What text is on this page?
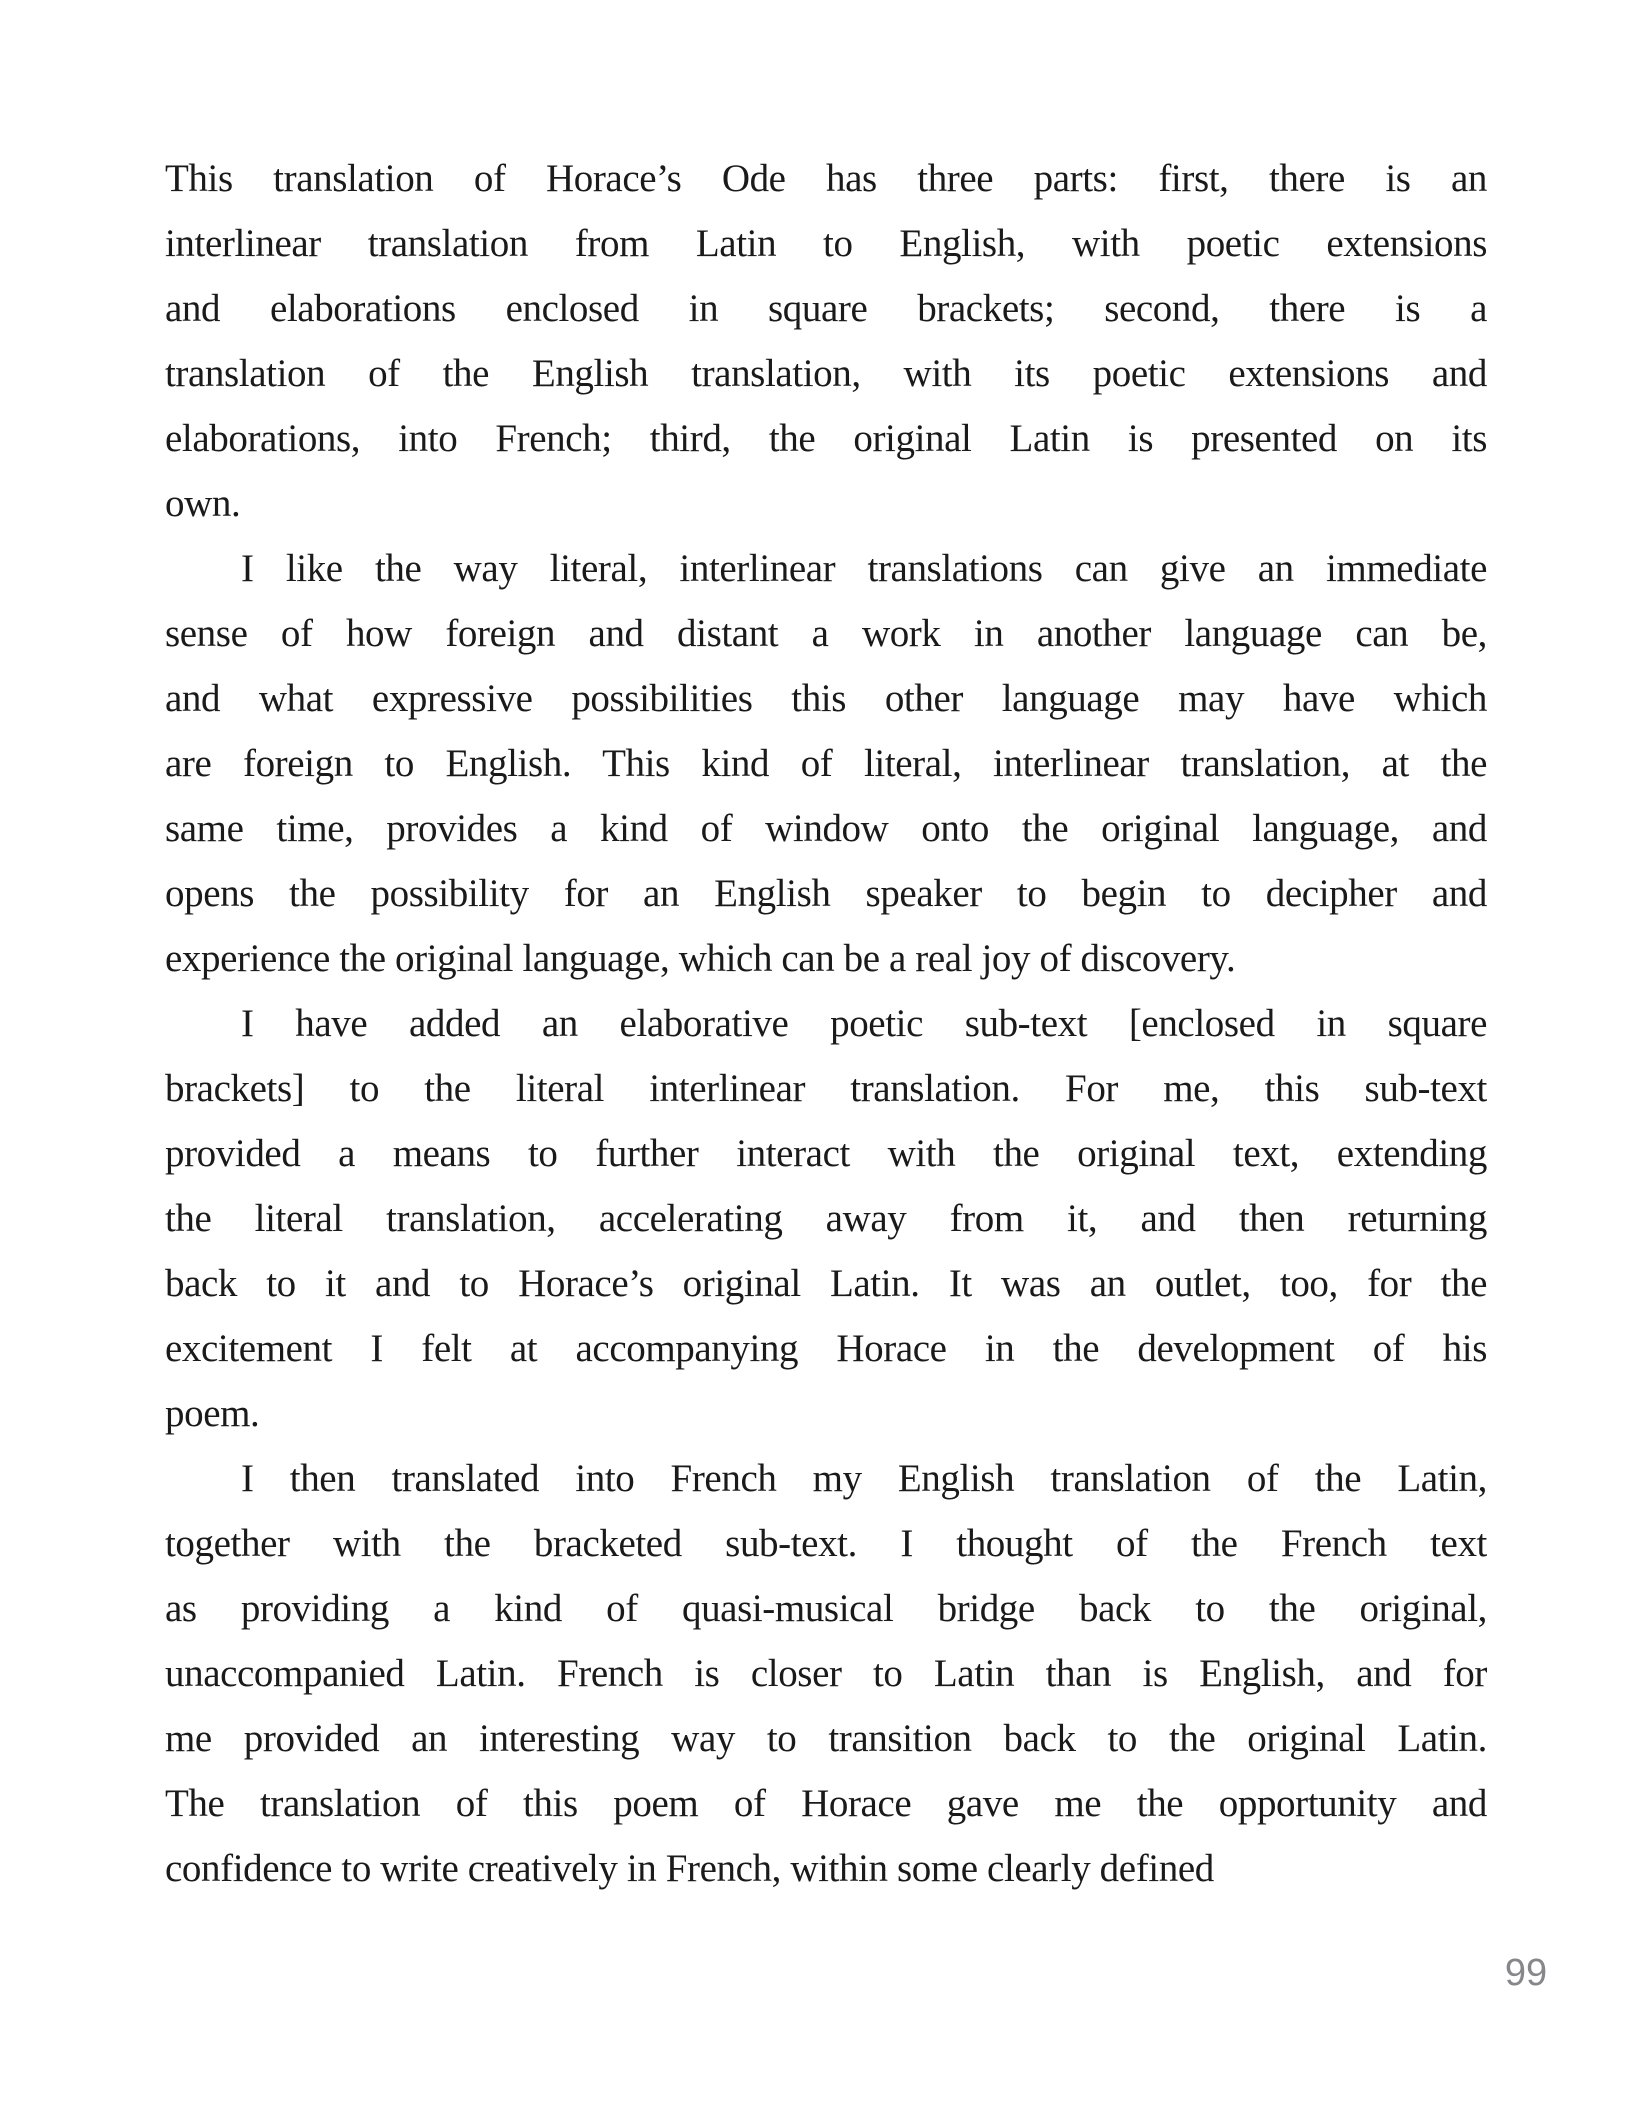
This translation of Horace’s Ode has three parts: first, there is an
interlinear translation from Latin to English, with poetic extensions
and elaborations enclosed in square brackets; second, there is a
translation of the English translation, with its poetic extensions and
elaborations, into French; third, the original Latin is presented on its
own.
I like the way literal, interlinear translations can give an immediate
sense of how foreign and distant a work in another language can be,
and what expressive possibilities this other language may have which
are foreign to English. This kind of literal, interlinear translation, at the
same time, provides a kind of window onto the original language, and
opens the possibility for an English speaker to begin to decipher and
experience the original language, which can be a real joy of discovery.
I have added an elaborative poetic sub-text [enclosed in square
brackets] to the literal interlinear translation. For me, this sub-text
provided a means to further interact with the original text, extending
the literal translation, accelerating away from it, and then returning
back to it and to Horace’s original Latin. It was an outlet, too, for the
excitement I felt at accompanying Horace in the development of his
poem.
I then translated into French my English translation of the Latin,
together with the bracketed sub-text. I thought of the French text
as providing a kind of quasi-musical bridge back to the original,
unaccompanied Latin. French is closer to Latin than is English, and for
me provided an interesting way to transition back to the original Latin.
The translation of this poem of Horace gave me the opportunity and
confidence to write creatively in French, within some clearly defined
99
